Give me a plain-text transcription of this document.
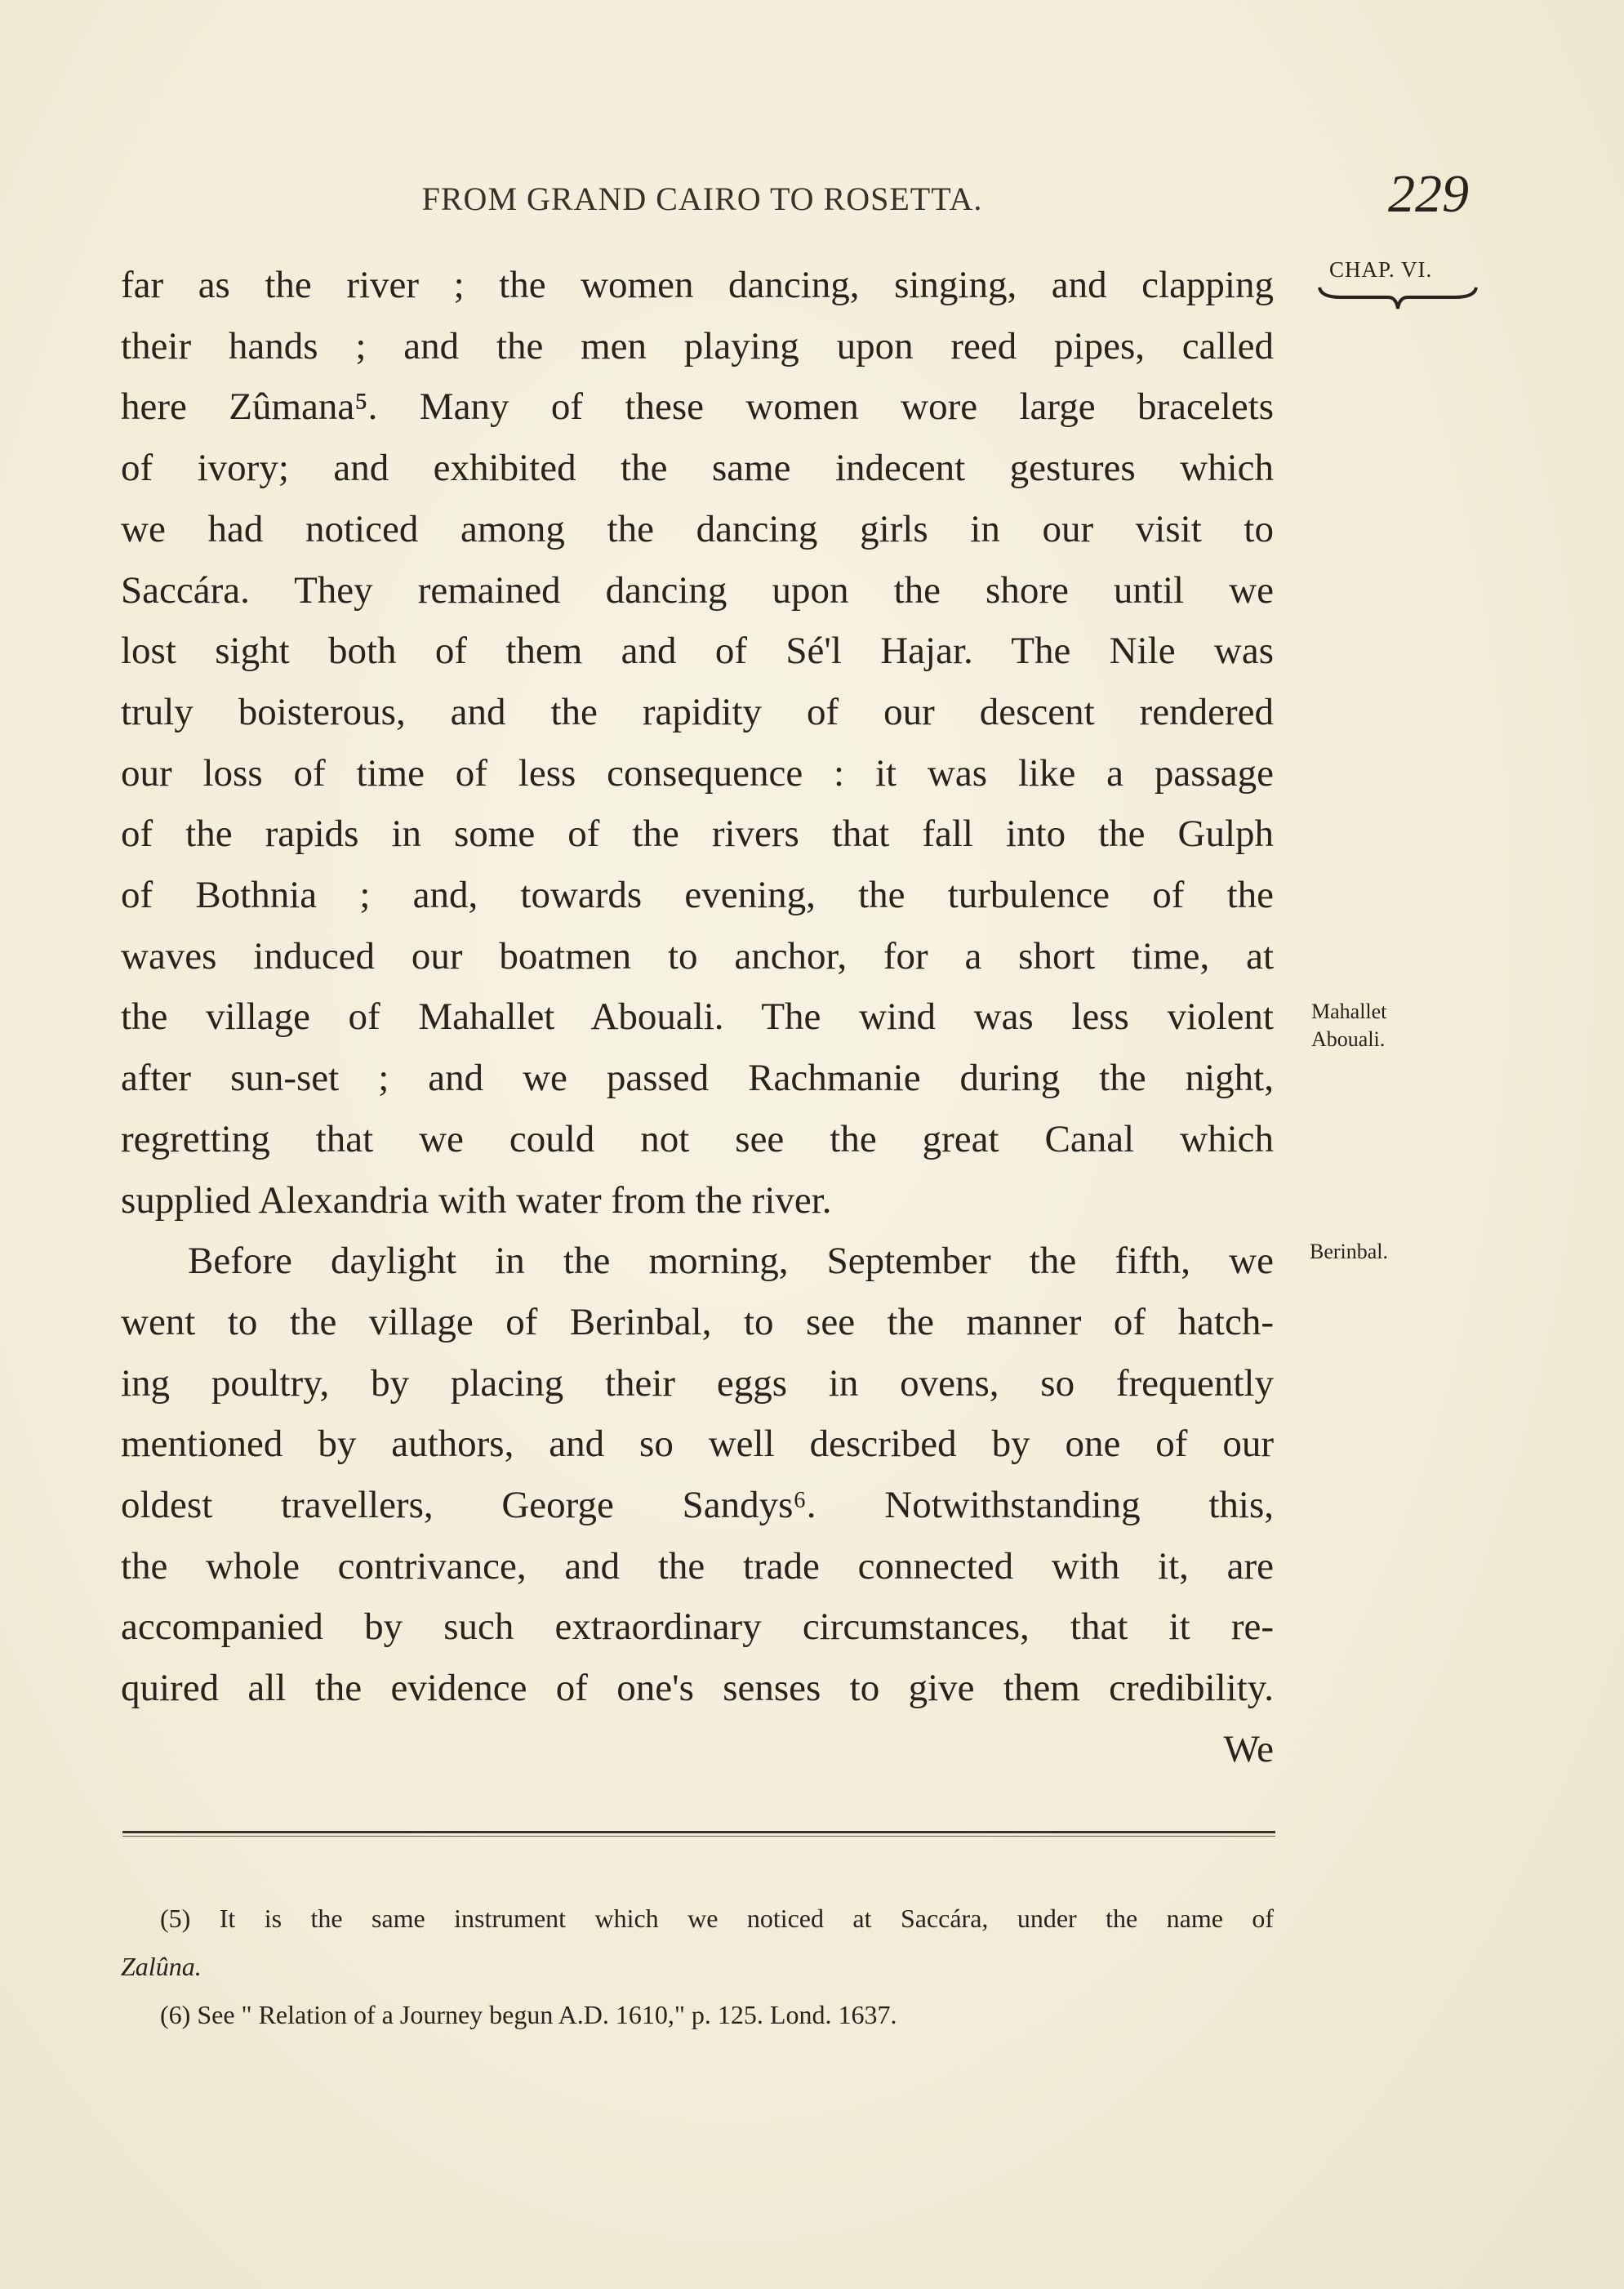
FROM GRAND CAIRO TO ROSETTA.	229
CHAP. VI.
far as the river ; the women dancing, singing, and clapping
their hands ; and the men playing upon reed pipes, called
here Zûmana⁵. Many of these women wore large bracelets
of ivory; and exhibited the same indecent gestures which
we had noticed among the dancing girls in our visit to
Saccára. They remained dancing upon the shore until we
lost sight both of them and of Sé'l Hajar. The Nile was
truly boisterous, and the rapidity of our descent rendered
our loss of time of less consequence : it was like a passage
of the rapids in some of the rivers that fall into the Gulph
of Bothnia ; and, towards evening, the turbulence of the
waves induced our boatmen to anchor, for a short time, at
the village of Mahallet Abouali. The wind was less violent
after sun-set ; and we passed Rachmanie during the night,
regretting that we could not see the great Canal which
supplied Alexandria with water from the river.
Before daylight in the morning, September the fifth, we
went to the village of Berinbal, to see the manner of hatch-
ing poultry, by placing their eggs in ovens, so frequently
mentioned by authors, and so well described by one of our
oldest travellers, George Sandys⁶. Notwithstanding this,
the whole contrivance, and the trade connected with it, are
accompanied by such extraordinary circumstances, that it re-
quired all the evidence of one's senses to give them credibility.
We
Mahallet
Abouali.
Berinbal.
(5) It is the same instrument which we noticed at Saccára, under the name of
Zalûna.
(6) See " Relation of a Journey begun A.D. 1610," p. 125. Lond. 1637.
